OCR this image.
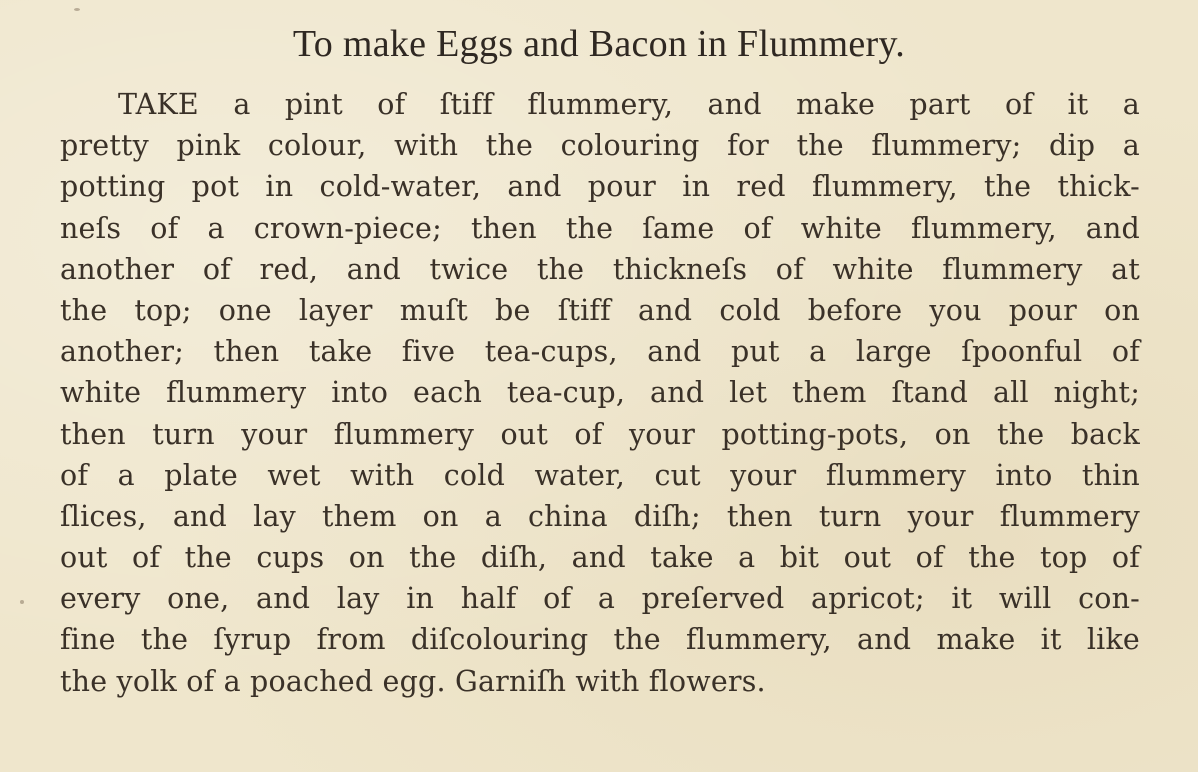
To make Eggs and Bacon in Flummery.
TAKE a pint of ſtiff flummery, and make part of it a
pretty pink colour, with the colouring for the flummery; dip a
potting pot in cold-water, and pour in red flummery, the thick-
neſs of a crown-piece; then the ſame of white flummery, and
another of red, and twice the thickneſs of white flummery at
the top; one layer muſt be ſtiff and cold before you pour on
another; then take five tea-cups, and put a large ſpoonful of
white flummery into each tea-cup, and let them ſtand all night;
then turn your flummery out of your potting-pots, on the back
of a plate wet with cold water, cut your flummery into thin
ſlices, and lay them on a china diſh; then turn your flummery
out of the cups on the diſh, and take a bit out of the top of
every one, and lay in half of a preſerved apricot; it will con-
fine the ſyrup from diſcolouring the flummery, and make it like
the yolk of a poached egg. Garniſh with flowers.
